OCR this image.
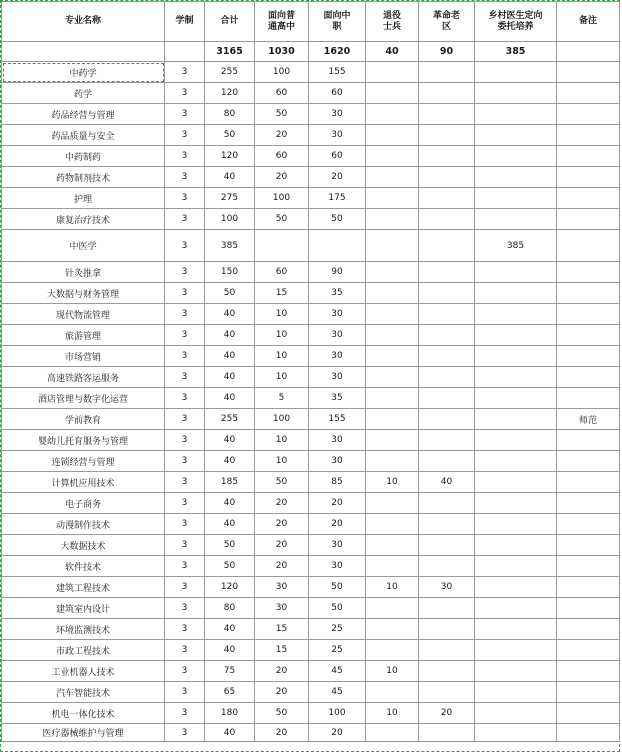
专业名称	学制	合计	面向普通高中	面向中职	退役士兵	革命老区	乡村医生定向委托培养	备注
		3165	1030	1620	40	90	385	
中药学	3	255	100	155				
药学	3	120	60	60				
药品经营与管理	3	80	50	30				
药品质量与安全	3	50	20	30				
中药制药	3	120	60	60				
药物制剂技术	3	40	20	20				
护理	3	275	100	175				
康复治疗技术	3	100	50	50				
中医学	3	385					385	
针灸推拿	3	150	60	90				
大数据与财务管理	3	50	15	35				
现代物流管理	3	40	10	30				
旅游管理	3	40	10	30				
市场营销	3	40	10	30				
高速铁路客运服务	3	40	10	30				
酒店管理与数字化运营	3	40	5	35				
学前教育	3	255	100	155				师范
婴幼儿托育服务与管理	3	40	10	30				
连锁经营与管理	3	40	10	30				
计算机应用技术	3	185	50	85	10	40		
电子商务	3	40	20	20				
动漫制作技术	3	40	20	20				
大数据技术	3	50	20	30				
软件技术	3	50	20	30				
建筑工程技术	3	120	30	50	10	30		
建筑室内设计	3	80	30	50				
环境监测技术	3	40	15	25				
市政工程技术	3	40	15	25				
工业机器人技术	3	75	20	45	10			
汽车智能技术	3	65	20	45				
机电一体化技术	3	180	50	100	10	20		
医疗器械维护与管理	3	40	20	20				
